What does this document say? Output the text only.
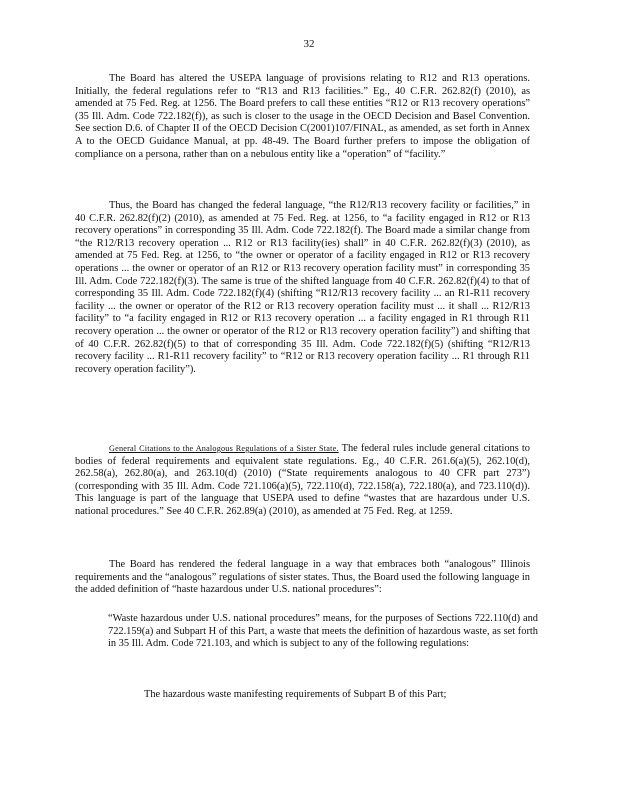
32

The Board has altered the USEPA language of provisions relating to R12 and R13 operations. Initially, the federal regulations refer to “R13 and R13 facilities.” Eg., 40 C.F.R. 262.82(f) (2010), as amended at 75 Fed. Reg. at 1256. The Board prefers to call these entities “R12 or R13 recovery operations” (35 Ill. Adm. Code 722.182(f)), as such is closer to the usage in the OECD Decision and Basel Convention. See section D.6. of Chapter II of the OECD Decision C(2001)107/FINAL, as amended, as set forth in Annex A to the OECD Guidance Manual, at pp. 48-49. The Board further prefers to impose the obligation of compliance on a persona, rather than on a nebulous entity like a “operation” of “facility.”

Thus, the Board has changed the federal language, “the R12/R13 recovery facility or facilities,” in 40 C.F.R. 262.82(f)(2) (2010), as amended at 75 Fed. Reg. at 1256, to “a facility engaged in R12 or R13 recovery operations” in corresponding 35 Ill. Adm. Code 722.182(f). The Board made a similar change from “the R12/R13 recovery operation ... R12 or R13 facility(ies) shall” in 40 C.F.R. 262.82(f)(3) (2010), as amended at 75 Fed. Reg. at 1256, to “the owner or operator of a facility engaged in R12 or R13 recovery operations ... the owner or operator of an R12 or R13 recovery operation facility must” in corresponding 35 Ill. Adm. Code 722.182(f)(3). The same is true of the shifted language from 40 C.F.R. 262.82(f)(4) to that of corresponding 35 Ill. Adm. Code 722.182(f)(4) (shifting “R12/R13 recovery facility ... an R1-R11 recovery facility ... the owner or operator of the R12 or R13 recovery operation facility must ... it shall ... R12/R13 facility” to “a facility engaged in R12 or R13 recovery operation ... a facility engaged in R1 through R11 recovery operation ... the owner or operator of the R12 or R13 recovery operation facility”) and shifting that of 40 C.F.R. 262.82(f)(5) to that of corresponding 35 Ill. Adm. Code 722.182(f)(5) (shifting “R12/R13 recovery facility ... R1-R11 recovery facility” to “R12 or R13 recovery operation facility ... R1 through R11 recovery operation facility”).

General Citations to the Analogous Regulations of a Sister State. The federal rules include general citations to bodies of federal requirements and equivalent state regulations. Eg., 40 C.F.R. 261.6(a)(5), 262.10(d), 262.58(a), 262.80(a), and 263.10(d) (2010) (“State requirements analogous to 40 CFR part 273”) (corresponding with 35 Ill. Adm. Code 721.106(a)(5), 722.110(d), 722.158(a), 722.180(a), and 723.110(d)). This language is part of the language that USEPA used to define “wastes that are hazardous under U.S. national procedures.” See 40 C.F.R. 262.89(a) (2010), as amended at 75 Fed. Reg. at 1259.

The Board has rendered the federal language in a way that embraces both “analogous” Illinois requirements and the “analogous” regulations of sister states. Thus, the Board used the following language in the added definition of “haste hazardous under U.S. national procedures”:

“Waste hazardous under U.S. national procedures” means, for the purposes of Sections 722.110(d) and 722.159(a) and Subpart H of this Part, a waste that meets the definition of hazardous waste, as set forth in 35 Ill. Adm. Code 721.103, and which is subject to any of the following regulations:

The hazardous waste manifesting requirements of Subpart B of this Part;
